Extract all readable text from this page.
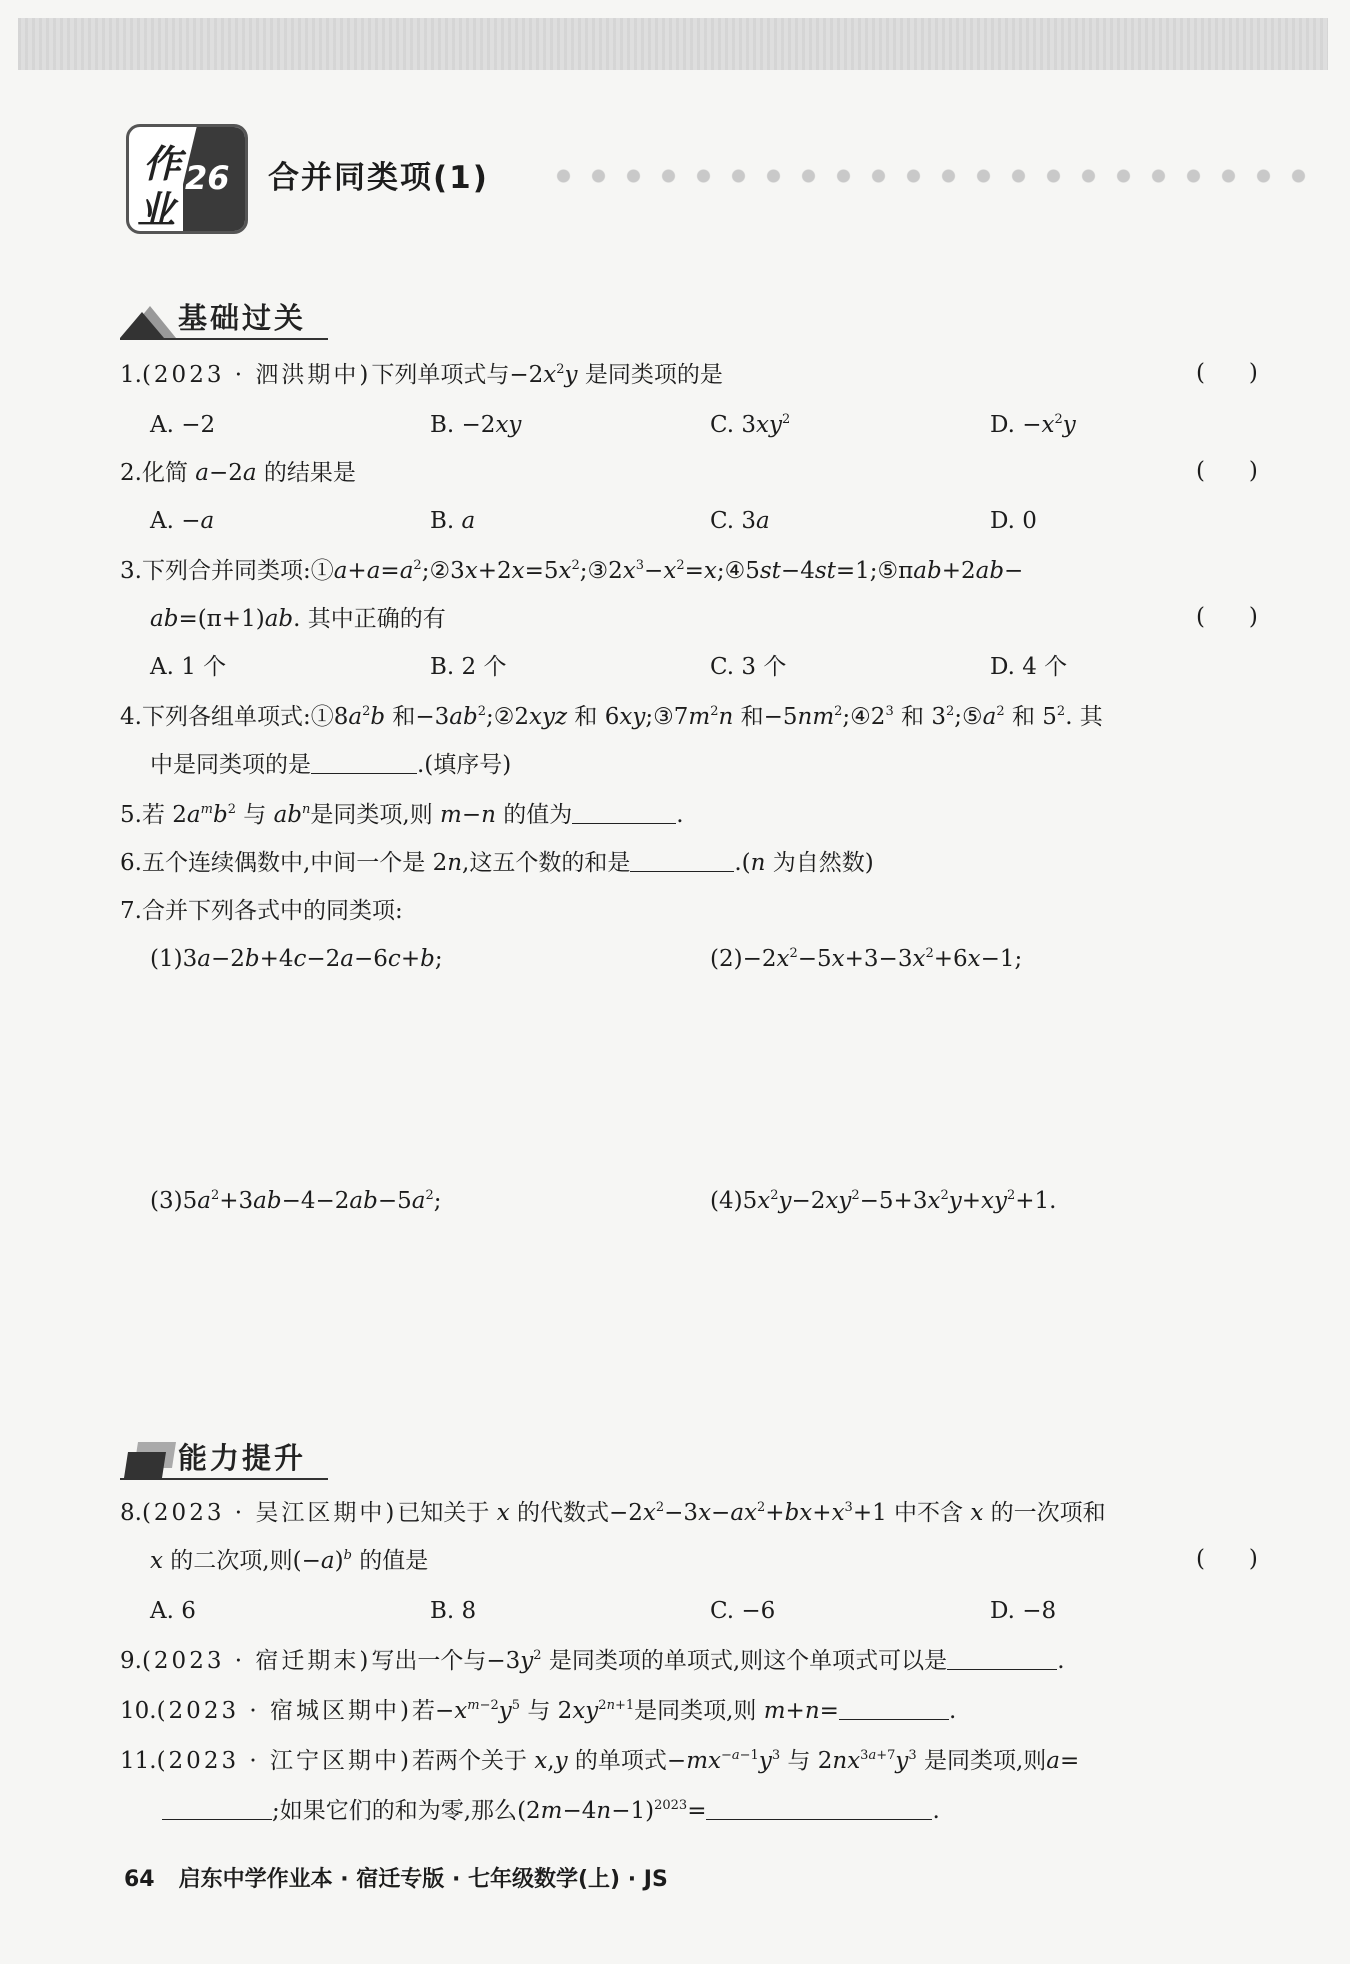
作
业
26 合并同类项(1)
基础过关
1.(2023 · 泗洪期中)下列单项式与$-2x^2y$ 是同类项的是	(      )
A. −2	B. −2xy	C. $3xy^2$	D. $-x^2y$
2.化简 a−2a 的结果是	(      )
A. −a	B. a	C. 3a	D. 0
3.下列合并同类项$:①a+a=a^2;②3x+2x=5x^2;③2x^3-x^2=x;④5st-4st=1;⑤\pi ab+2ab-$
ab=(π+1)ab. 其中正确的有	(      )
A. 1 个	B. 2 个	C. 3 个	D. 4 个
4.下列各组单项式$:①8a^2b$ 和$-3ab^2;②2xyz$ 和 $6xy;③7m^2n$ 和$-5nm^2;④2^3$ 和 $3^2;⑤a^2$ 和 $5^2$. 其
中是同类项的是	.(填序号)
5.若 $2a^mb^2$ 与 $ab^n$是同类项,则 m−n 的值为	.
6.五个连续偶数中,中间一个是 2n,这五个数的和是	.(n 为自然数)
7.合并下列各式中的同类项:
(1)3a−2b+4c−2a−6c+b;	$(2)-2x^2-5x+3-3x^2+6x-1$;
$(3)5a^2+3ab-4-2ab-5a^2$;	$(4)5x^2y-2xy^2-5+3x^2y+xy^2+1$.
能力提升
8.(2023 · 吴江区期中)已知关于 x 的代数式$-2x^2-3x-ax^2+bx+x^3+1$ 中不含 x 的一次项和
x 的二次项,则$(-a)^b$ 的值是	(      )
A. 6	B. 8	C. −6	D. −8
9.(2023 · 宿迁期末)写出一个与$-3y^2$ 是同类项的单项式,则这个单项式可以是	.
10.(2023 · 宿城区期中)若$-x^{m-2}y^5$ 与 $2xy^{2n+1}$是同类项,则 m+n=	.
11.(2023 · 江宁区期中)若两个关于 x,y 的单项式$-mx^{-a-1}y^3$ 与 $2nx^{3a+7}y^3$ 是同类项,则a=
;如果它们的和为零,那么$(2m-4n-1)^{2023}=$	.
64 启东中学作业本 · 宿迁专版 · 七年级数学(上) · JS
